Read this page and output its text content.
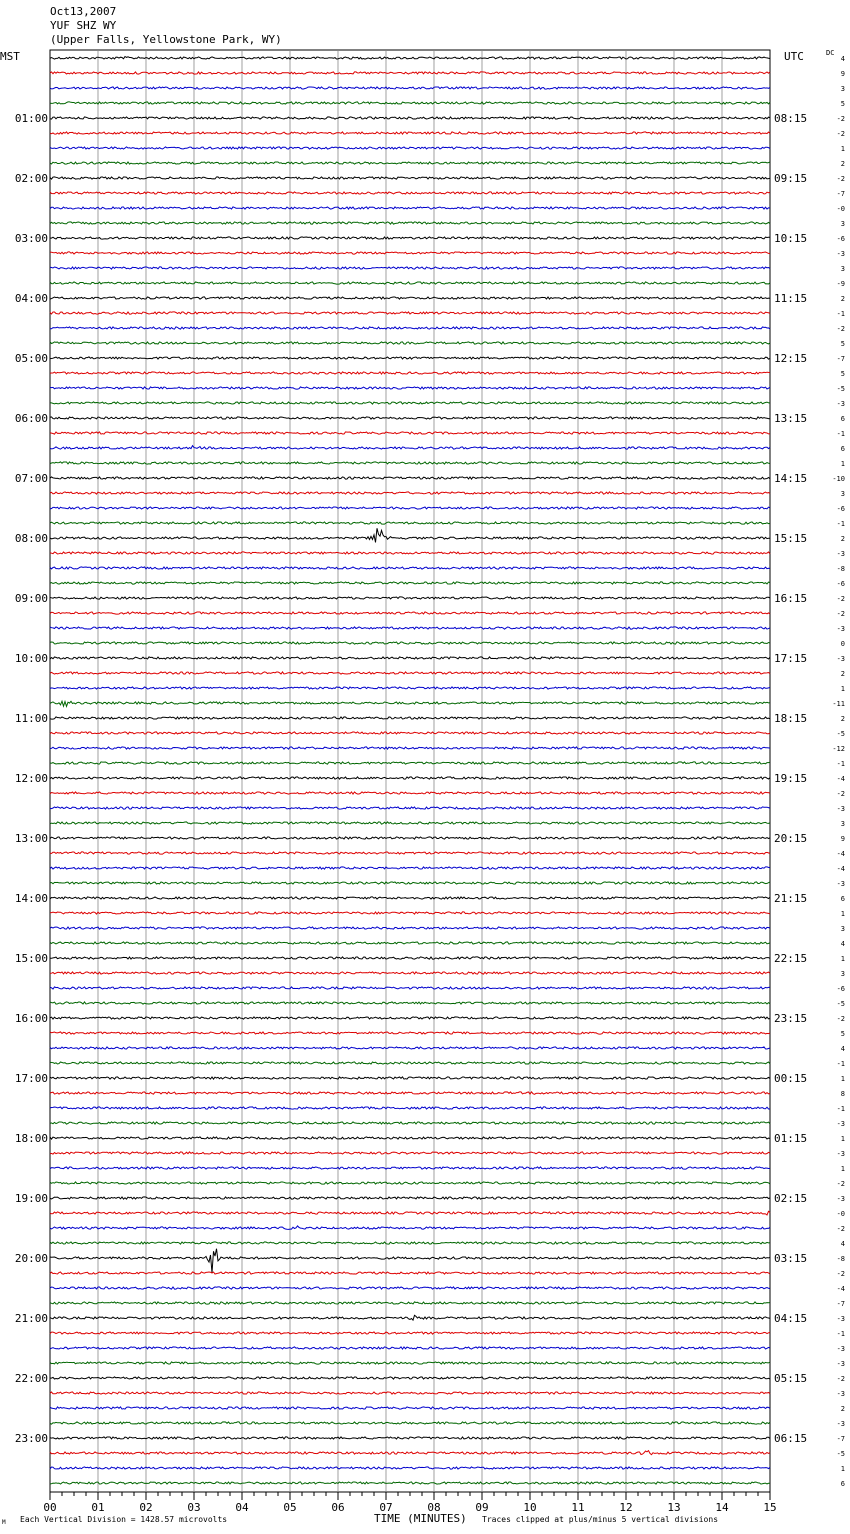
Oct13,2007
YUF SHZ WY
(Upper Falls, Yellowstone Park, WY)
MST	UTC	DC
00	01	02	03	04	05	06	07	08	09	10	11	12	13	14	15
4
9
3
5
-2
01:00	08:15
-2
1
2
-2
02:00	09:15
-7
-0
3
-6
03:00	10:15
-3
3
-9
2
04:00	11:15
-1
-2
5
-7
05:00	12:15
5
-5
-3
6
06:00	13:15
-1
6
1
-10
07:00	14:15
3
-6
-1
2
08:00	15:15
-3
-8
-6
-2
09:00	16:15
-2
-3
0
-3
10:00	17:15
2
1
-11
2
11:00	18:15
-5
-12
-1
-4
12:00	19:15
-2
-3
3
9
13:00	20:15
-4
-4
-3
6
14:00	21:15
1
3
4
1
15:00	22:15
3
-6
-5
-2
16:00	23:15
5
4
-1
1
17:00	00:15
8
-1
-3
1
18:00	01:15
-3
1
-2
-3
19:00	02:15
-0
-2
4
-8
20:00	03:15
-2
-4
-7
-3
21:00	04:15
-1
-3
-3
-2
22:00	05:15
-3
2
-3
-7
23:00	06:15
-5
1
6
M Each Vertical Division = 1428.57 microvolts	TIME (MINUTES) Traces clipped at plus/minus 5 vertical divisions
